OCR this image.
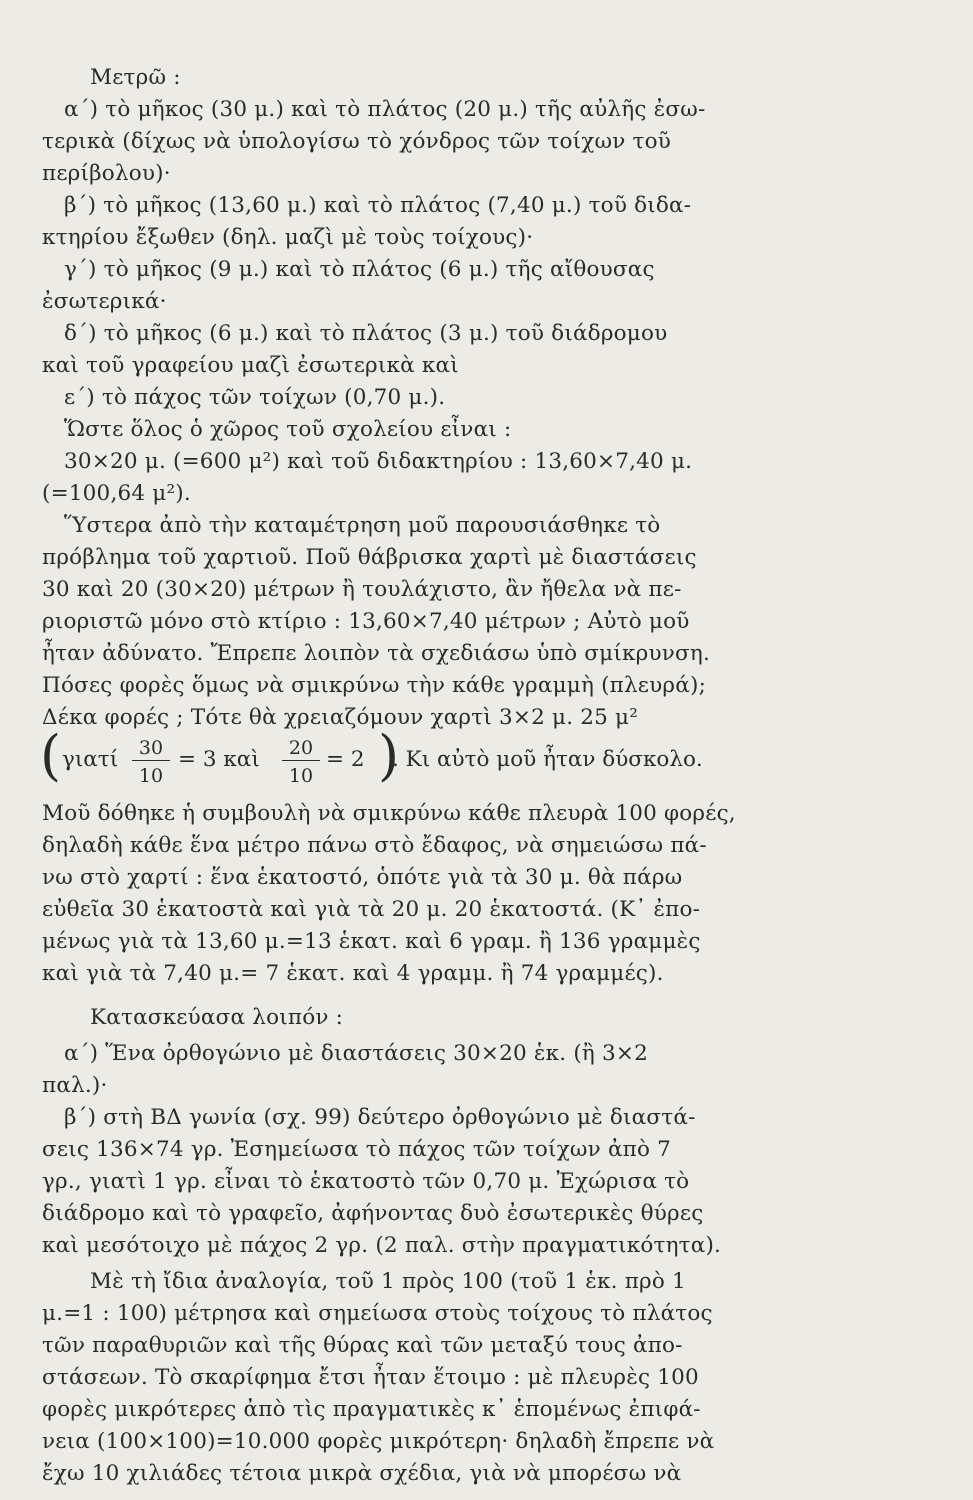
Μετρῶ :
α΄) τὸ μῆκος (30 μ.) καὶ τὸ πλάτος (20 μ.) τῆς αὐλῆς ἐσω-
τερικὰ (δίχως νὰ ὑπολογίσω τὸ χόνδρος τῶν τοίχων τοῦ
περίβολου)·
β΄) τὸ μῆκος (13,60 μ.) καὶ τὸ πλάτος (7,40 μ.) τοῦ διδα-
κτηρίου ἔξωθεν (δηλ. μαζὶ μὲ τοὺς τοίχους)·
γ΄) τὸ μῆκος (9 μ.) καὶ τὸ πλάτος (6 μ.) τῆς αἴθουσας
ἐσωτερικά·
δ΄) τὸ μῆκος (6 μ.) καὶ τὸ πλάτος (3 μ.) τοῦ διάδρομου
καὶ τοῦ γραφείου μαζὶ ἐσωτερικὰ καὶ
ε΄) τὸ πάχος τῶν τοίχων (0,70 μ.).
Ὥστε ὅλος ὁ χῶρος τοῦ σχολείου εἶναι :
30×20 μ. (=600 μ²) καὶ τοῦ διδακτηρίου : 13,60×7,40 μ.
(=100,64 μ²).
Ὕστερα ἀπὸ τὴν καταμέτρηση μοῦ παρουσιάσθηκε τὸ
πρόβλημα τοῦ χαρτιοῦ. Ποῦ θάβρισκα χαρτὶ μὲ διαστάσεις
30 καὶ 20 (30×20) μέτρων ἢ τουλάχιστο, ἂν ἤθελα νὰ πε-
ριοριστῶ μόνο στὸ κτίριο : 13,60×7,40 μέτρων ; Αὐτὸ μοῦ
ἦταν ἀδύνατο. Ἔπρεπε λοιπὸν τὰ σχεδιάσω ὑπὸ σμίκρυνση.
Πόσες φορὲς ὅμως νὰ σμικρύνω τὴν κάθε γραμμὴ (πλευρά);
Δέκα φορές ; Τότε θὰ χρειαζόμουν χαρτὶ 3×2 μ. 25 μ²
( γιατί	30
10
= 3 καὶ	20
10
= 2 )
. Κι αὐτὸ μοῦ ἦταν δύσκολο.
Μοῦ δόθηκε ἡ συμβουλὴ νὰ σμικρύνω κάθε πλευρὰ 100 φορές,
δηλαδὴ κάθε ἕνα μέτρο πάνω στὸ ἔδαφος, νὰ σημειώσω πά-
νω στὸ χαρτί : ἕνα ἑκατοστό, ὁπότε γιὰ τὰ 30 μ. θὰ πάρω
εὐθεῖα 30 ἑκατοστὰ καὶ γιὰ τὰ 20 μ. 20 ἑκατοστά. (Κ᾿ ἐπο-
μένως γιὰ τὰ 13,60 μ.=13 ἑκατ. καὶ 6 γραμ. ἢ 136 γραμμὲς
καὶ γιὰ τὰ 7,40 μ.= 7 ἑκατ. καὶ 4 γραμμ. ἢ 74 γραμμές).
Κατασκεύασα λοιπόν :
α΄) Ἕνα ὀρθογώνιο μὲ διαστάσεις 30×20 ἑκ. (ἢ 3×2
παλ.)·
β΄) στὴ ΒΔ γωνία (σχ. 99) δεύτερο ὀρθογώνιο μὲ διαστά-
σεις 136×74 γρ. Ἐσημείωσα τὸ πάχος τῶν τοίχων ἀπὸ 7
γρ., γιατὶ 1 γρ. εἶναι τὸ ἑκατοστὸ τῶν 0,70 μ. Ἐχώρισα τὸ
διάδρομο καὶ τὸ γραφεῖο, ἀφήνοντας δυὸ ἐσωτερικὲς θύρες
καὶ μεσότοιχο μὲ πάχος 2 γρ. (2 παλ. στὴν πραγματικότητα).
Μὲ τὴ ἴδια ἀναλογία, τοῦ 1 πρὸς 100 (τοῦ 1 ἑκ. πρὸ 1
μ.=1 : 100) μέτρησα καὶ σημείωσα στοὺς τοίχους τὸ πλάτος
τῶν παραθυριῶν καὶ τῆς θύρας καὶ τῶν μεταξύ τους ἀπο-
στάσεων. Τὸ σκαρίφημα ἔτσι ἦταν ἕτοιμο : μὲ πλευρὲς 100
φορὲς μικρότερες ἀπὸ τὶς πραγματικὲς κ᾿ ἑπομένως ἐπιφά-
νεια (100×100)=10.000 φορὲς μικρότερη· δηλαδὴ ἔπρεπε νὰ
ἔχω 10 χιλιάδες τέτοια μικρὰ σχέδια, γιὰ νὰ μπορέσω νὰ
